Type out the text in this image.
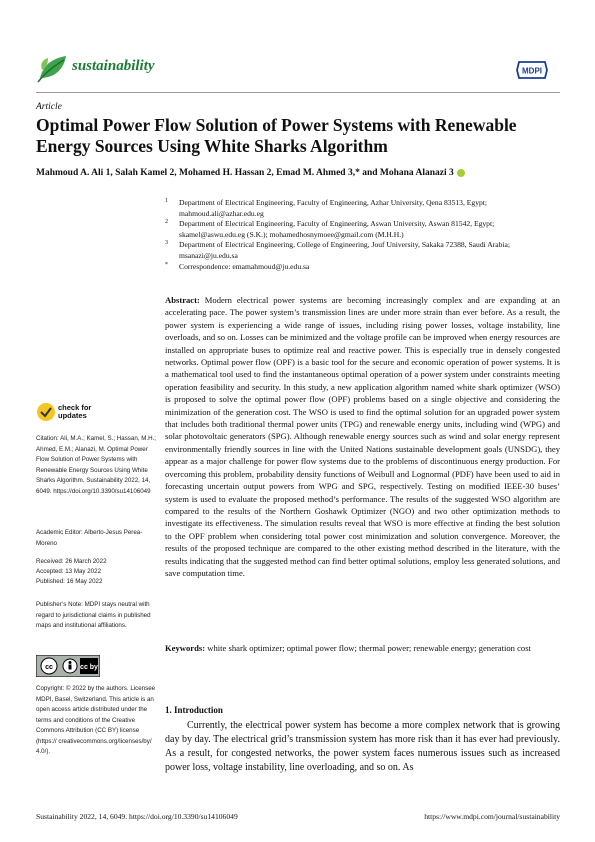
sustainability	MDPI
Article
Optimal Power Flow Solution of Power Systems with Renewable Energy Sources Using White Sharks Algorithm
Mahmoud A. Ali 1, Salah Kamel 2, Mohamed H. Hassan 2, Emad M. Ahmed 3,* and Mohana Alanazi 3
1 Department of Electrical Engineering, Faculty of Engineering, Azhar University, Qena 83513, Egypt; mahmoud.ali@azhar.edu.eg
2 Department of Electrical Engineering, Faculty of Engineering, Aswan University, Aswan 81542, Egypt; skamel@aswu.edu.eg (S.K.); mohamedhosnymoee@gmail.com (M.H.H.)
3 Department of Electrical Engineering, College of Engineering, Jouf University, Sakaka 72388, Saudi Arabia; msanazi@ju.edu.sa
* Correspondence: emamahmoud@ju.edu.sa
Abstract: Modern electrical power systems are becoming increasingly complex and are expanding at an accelerating pace. The power system’s transmission lines are under more strain than ever before. As a result, the power system is experiencing a wide range of issues, including rising power losses, voltage instability, line overloads, and so on. Losses can be minimized and the voltage profile can be improved when energy resources are installed on appropriate buses to optimize real and reactive power. This is especially true in densely congested networks. Optimal power flow (OPF) is a basic tool for the secure and economic operation of power systems. It is a mathematical tool used to find the instantaneous optimal operation of a power system under constraints meeting operation feasibility and security. In this study, a new application algorithm named white shark optimizer (WSO) is proposed to solve the optimal power flow (OPF) problems based on a single objective and considering the minimization of the generation cost. The WSO is used to find the optimal solution for an upgraded power system that includes both traditional thermal power units (TPG) and renewable energy units, including wind (WPG) and solar photovoltaic generators (SPG). Although renewable energy sources such as wind and solar energy represent environmentally friendly sources in line with the United Nations sustainable development goals (UNSDG), they appear as a major challenge for power flow systems due to the problems of discontinuous energy production. For overcoming this problem, probability density functions of Weibull and Lognormal (PDF) have been used to aid in forecasting uncertain output powers from WPG and SPG, respectively. Testing on modified IEEE-30 buses’ system is used to evaluate the proposed method’s performance. The results of the suggested WSO algorithm are compared to the results of the Northern Goshawk Optimizer (NGO) and two other optimization methods to investigate its effectiveness. The simulation results reveal that WSO is more effective at finding the best solution to the OPF problem when considering total power cost minimization and solution convergence. Moreover, the results of the proposed technique are compared to the other existing method described in the literature, with the results indicating that the suggested method can find better optimal solutions, employ less generated solutions, and save computation time.
Keywords: white shark optimizer; optimal power flow; thermal power; renewable energy; generation cost
1. Introduction
Currently, the electrical power system has become a more complex network that is growing day by day. The electrical grid’s transmission system has more risk than it has ever had previously. As a result, for congested networks, the power system faces numerous issues such as increased power loss, voltage instability, line overloading, and so on. As
check for updates
Citation: Ali, M.A.; Kamel, S.; Hassan, M.H.; Ahmed, E.M.; Alanazi, M. Optimal Power Flow Solution of Power Systems with Renewable Energy Sources Using White Sharks Algorithm. Sustainability 2022, 14, 6049. https://doi.org/10.3390/su14106049
Academic Editor: Alberto-Jesus Perea-Moreno
Received: 26 March 2022
Accepted: 13 May 2022
Published: 16 May 2022
Publisher’s Note: MDPI stays neutral with regard to jurisdictional claims in published maps and institutional affiliations.
cc	cc by
Copyright: © 2022 by the authors. Licensee MDPI, Basel, Switzerland. This article is an open access article distributed under the terms and conditions of the Creative Commons Attribution (CC BY) license (https:// creativecommons.org/licenses/by/ 4.0/).
Sustainability 2022, 14, 6049. https://doi.org/10.3390/su14106049	https://www.mdpi.com/journal/sustainability
